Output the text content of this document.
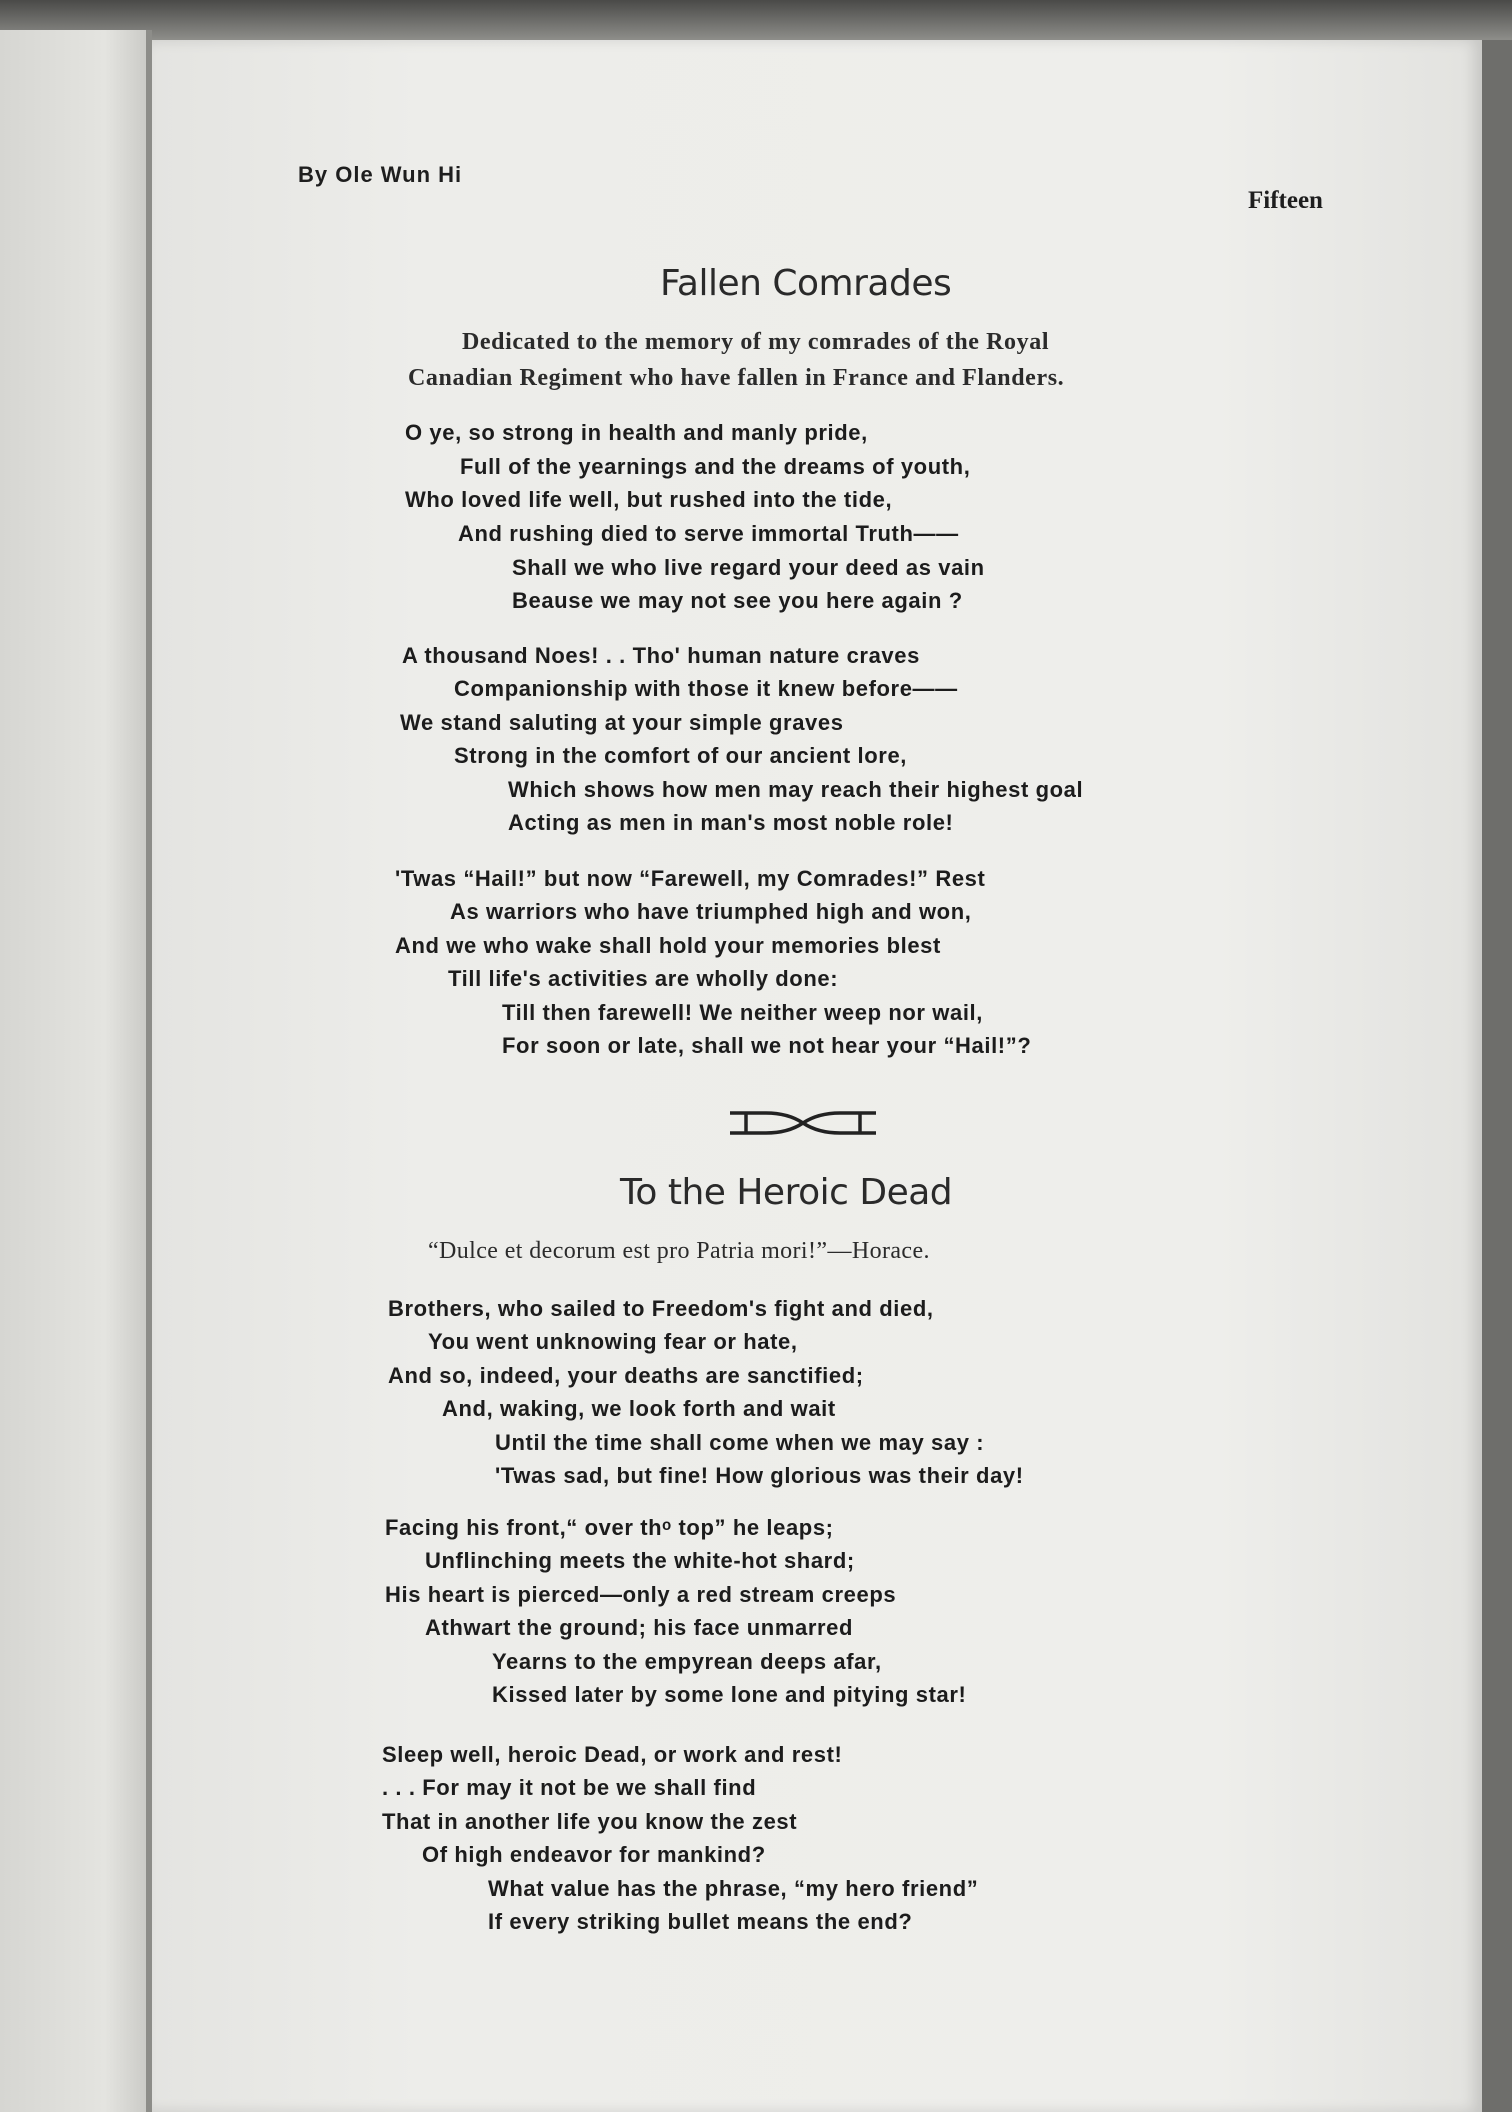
By Ole Wun Hi
Fifteen
Fallen Comrades
Dedicated to the memory of my comrades of the Royal
Canadian Regiment who have fallen in France and Flanders.
O ye, so strong in health and manly pride,
Full of the yearnings and the dreams of youth,
Who loved life well, but rushed into the tide,
And rushing died to serve immortal Truth——
Shall we who live regard your deed as vain
Beause we may not see you here again ?
A thousand Noes! . . Tho' human nature craves
Companionship with those it knew before——
We stand saluting at your simple graves
Strong in the comfort of our ancient lore,
Which shows how men may reach their highest goal
Acting as men in man's most noble role!
'Twas “Hail!” but now “Farewell, my Comrades!” Rest
As warriors who have triumphed high and won,
And we who wake shall hold your memories blest
Till life's activities are wholly done:
Till then farewell! We neither weep nor wail,
For soon or late, shall we not hear your “Hail!”?
To the Heroic Dead
“Dulce et decorum est pro Patria mori!”—Horace.
Brothers, who sailed to Freedom's fight and died,
You went unknowing fear or hate,
And so, indeed, your deaths are sanctified;
And, waking, we look forth and wait
Until the time shall come when we may say :
'Twas sad, but fine! How glorious was their day!
Facing his front,“ over thᵒ top” he leaps;
Unflinching meets the white-hot shard;
His heart is pierced—only a red stream creeps
Athwart the ground; his face unmarred
Yearns to the empyrean deeps afar,
Kissed later by some lone and pitying star!
Sleep well, heroic Dead, or work and rest!
. . . For may it not be we shall find
That in another life you know the zest
Of high endeavor for mankind?
What value has the phrase, “my hero friend”
If every striking bullet means the end?
